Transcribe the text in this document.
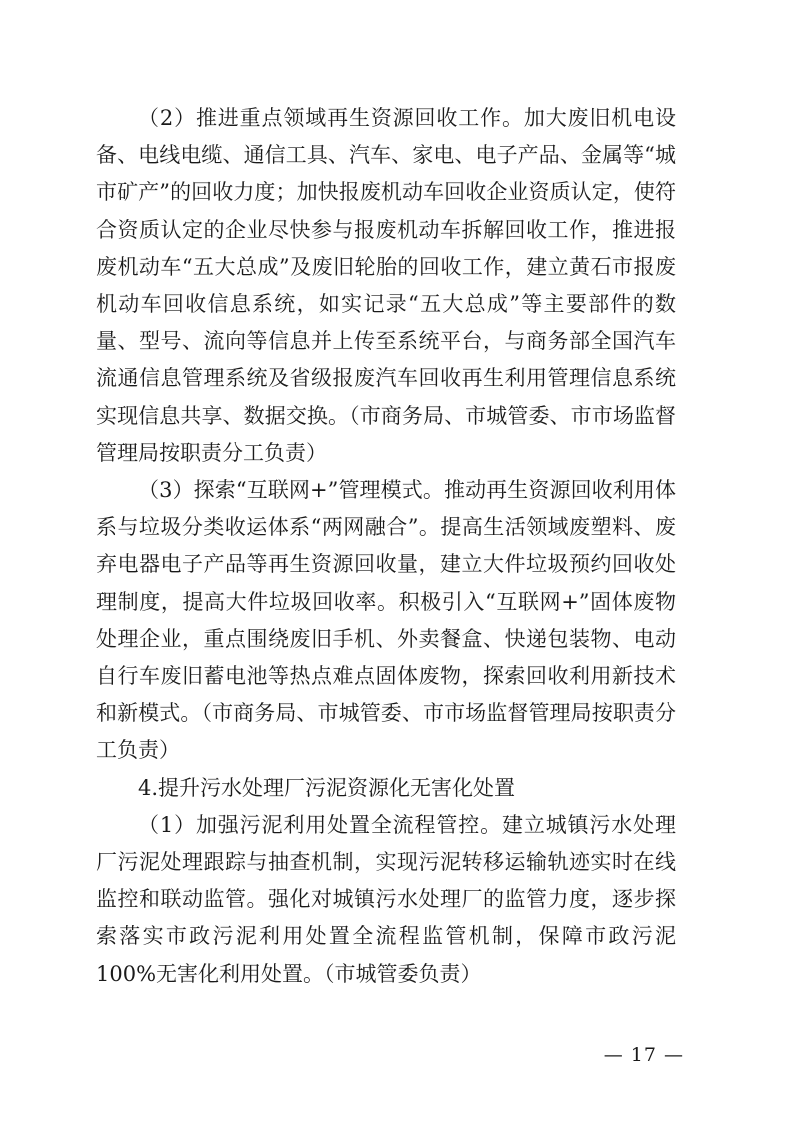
（2）推进重点领域再生资源回收工作。加大废旧机电设备、电线电缆、通信工具、汽车、家电、电子产品、金属等“城市矿产”的回收力度；加快报废机动车回收企业资质认定，使符合资质认定的企业尽快参与报废机动车拆解回收工作，推进报废机动车“五大总成”及废旧轮胎的回收工作，建立黄石市报废机动车回收信息系统，如实记录“五大总成”等主要部件的数量、型号、流向等信息并上传至系统平台，与商务部全国汽车流通信息管理系统及省级报废汽车回收再生利用管理信息系统实现信息共享、数据交换。（市商务局、市城管委、市市场监督管理局按职责分工负责）

（3）探索“互联网+”管理模式。推动再生资源回收利用体系与垃圾分类收运体系“两网融合”。提高生活领域废塑料、废弃电器电子产品等再生资源回收量，建立大件垃圾预约回收处理制度，提高大件垃圾回收率。积极引入“互联网+”固体废物处理企业，重点围绕废旧手机、外卖餐盒、快递包装物、电动自行车废旧蓄电池等热点难点固体废物，探索回收利用新技术和新模式。（市商务局、市城管委、市市场监督管理局按职责分工负责）

4.提升污水处理厂污泥资源化无害化处置

（1）加强污泥利用处置全流程管控。建立城镇污水处理厂污泥处理跟踪与抽查机制，实现污泥转移运输轨迹实时在线监控和联动监管。强化对城镇污水处理厂的监管力度，逐步探索落实市政污泥利用处置全流程监管机制，保障市政污泥100%无害化利用处置。（市城管委负责）

— 17 —
